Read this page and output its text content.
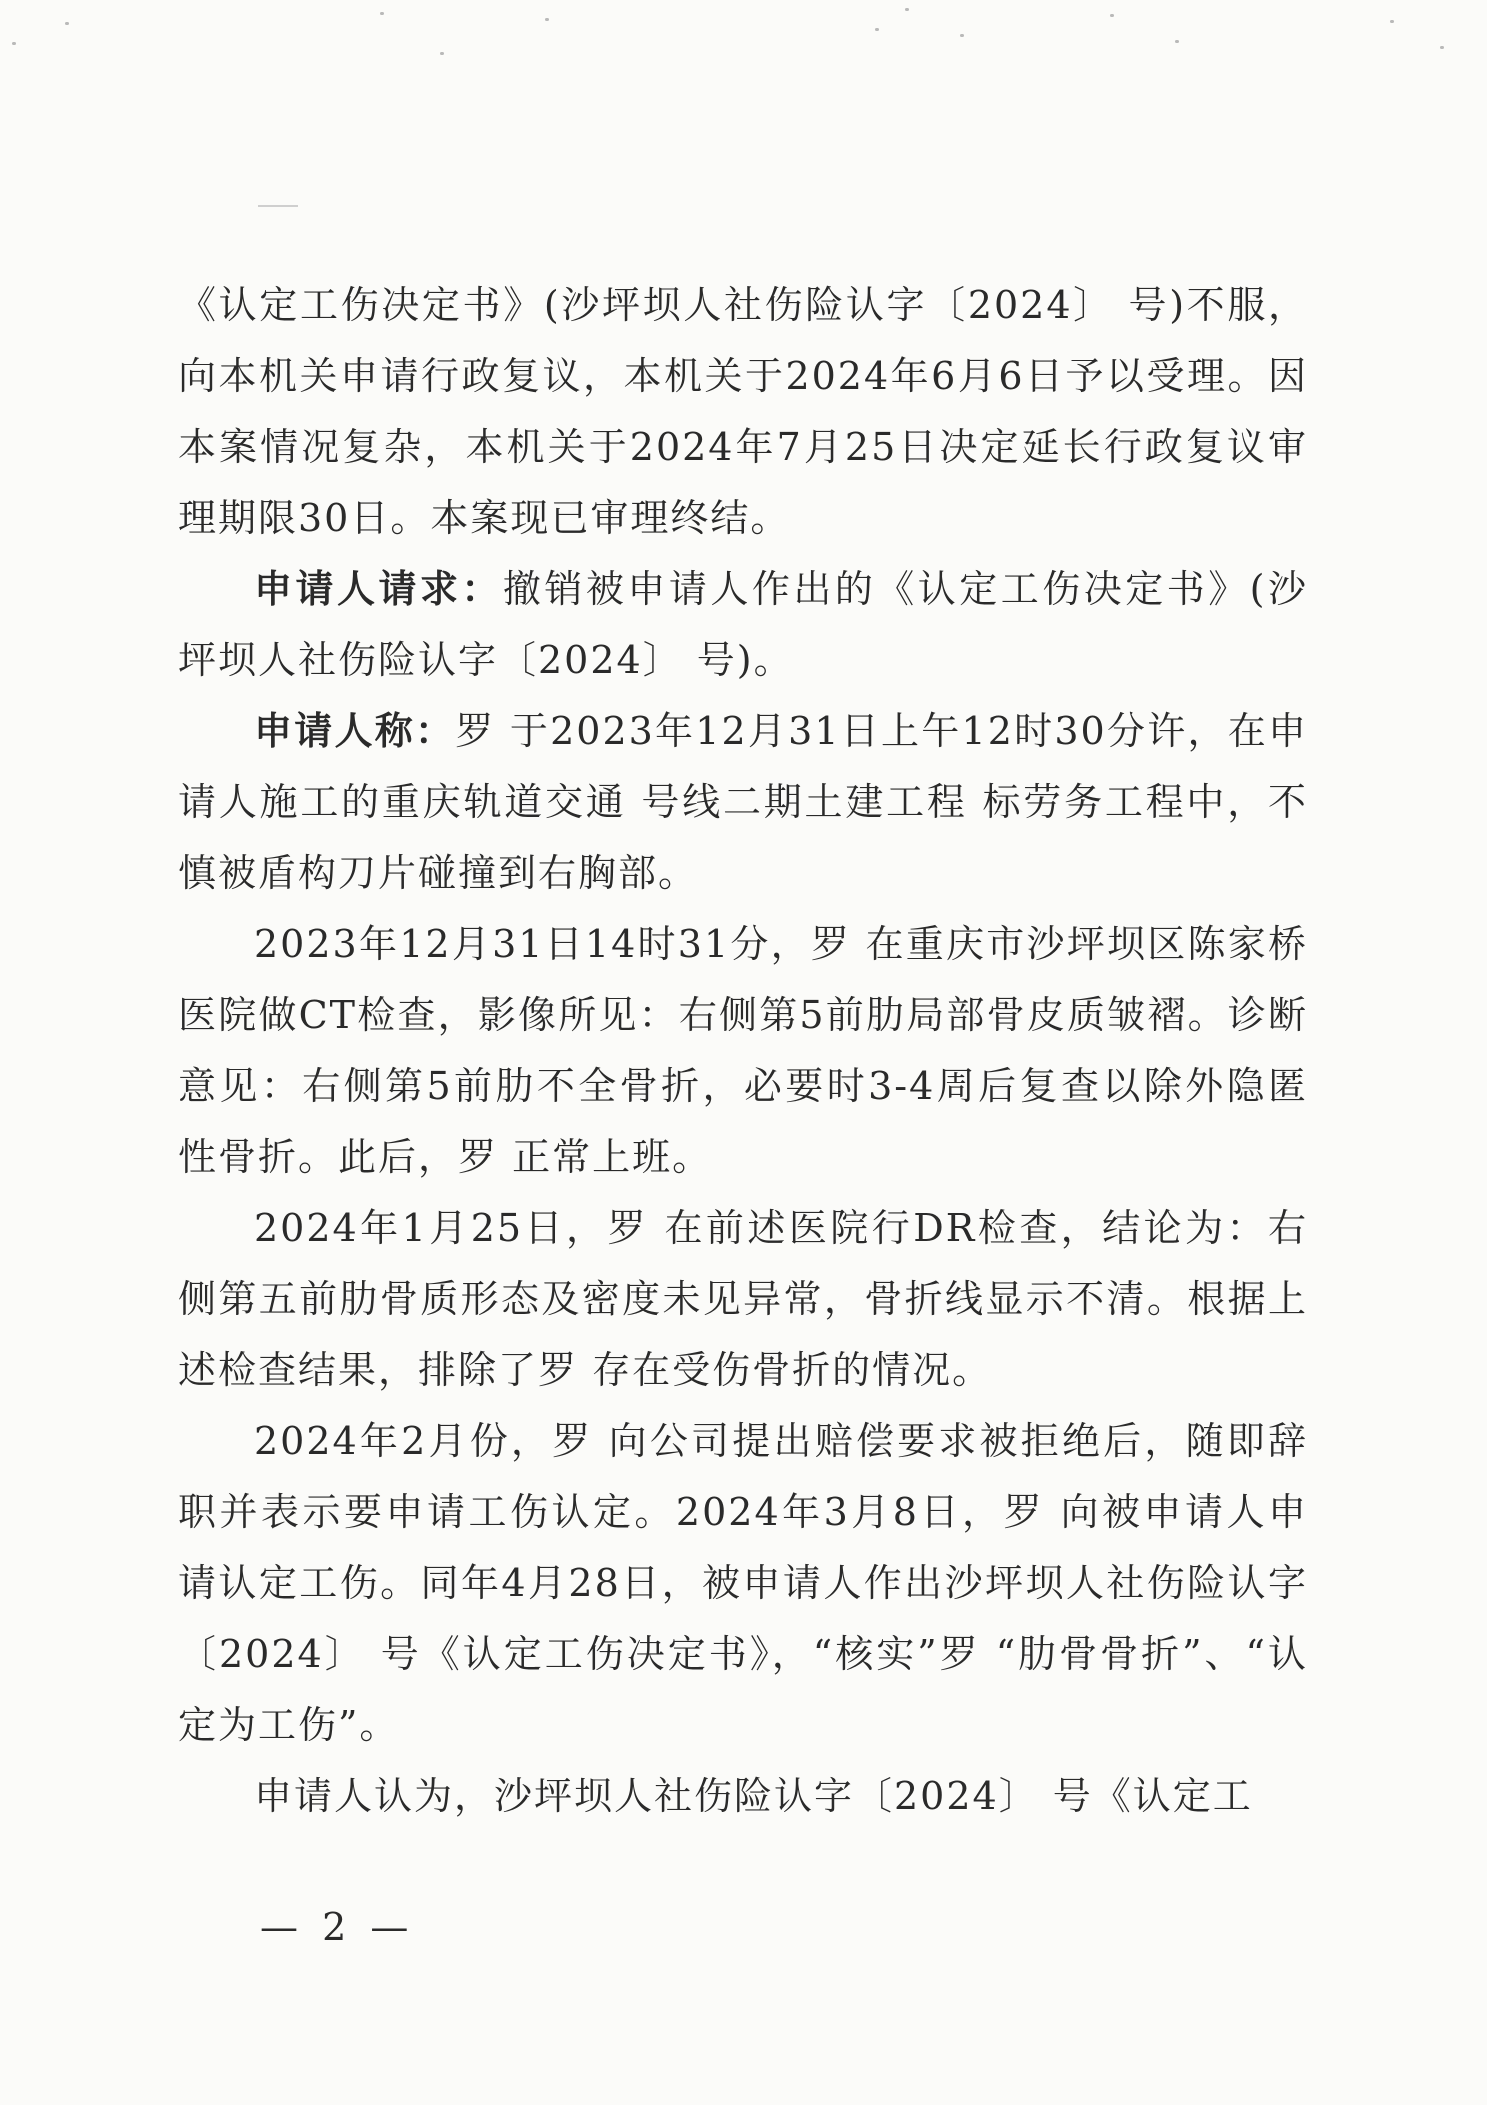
《认定工伤决定书》(沙坪坝人社伤险认字〔2024〕 号)不服，向本机关申请行政复议，本机关于2024年6月6日予以受理。因本案情况复杂，本机关于2024年7月25日决定延长行政复议审理期限30日。本案现已审理终结。

申请人请求：撤销被申请人作出的《认定工伤决定书》(沙坪坝人社伤险认字〔2024〕 号)。

申请人称：罗 于2023年12月31日上午12时30分许，在申请人施工的重庆轨道交通 号线二期土建工程 标劳务工程中，不慎被盾构刀片碰撞到右胸部。

2023年12月31日14时31分，罗 在重庆市沙坪坝区陈家桥医院做CT检查，影像所见：右侧第5前肋局部骨皮质皱褶。诊断意见：右侧第5前肋不全骨折，必要时3-4周后复查以除外隐匿性骨折。此后，罗 正常上班。

2024年1月25日，罗 在前述医院行DR检查，结论为：右侧第五前肋骨质形态及密度未见异常，骨折线显示不清。根据上述检查结果，排除了罗 存在受伤骨折的情况。

2024年2月份，罗 向公司提出赔偿要求被拒绝后，随即辞职并表示要申请工伤认定。2024年3月8日，罗 向被申请人申请认定工伤。同年4月28日，被申请人作出沙坪坝人社伤险认字〔2024〕 号《认定工伤决定书》，“核实”罗 “肋骨骨折”、“认定为工伤”。

申请人认为，沙坪坝人社伤险认字〔2024〕 号《认定工

— 2 —
